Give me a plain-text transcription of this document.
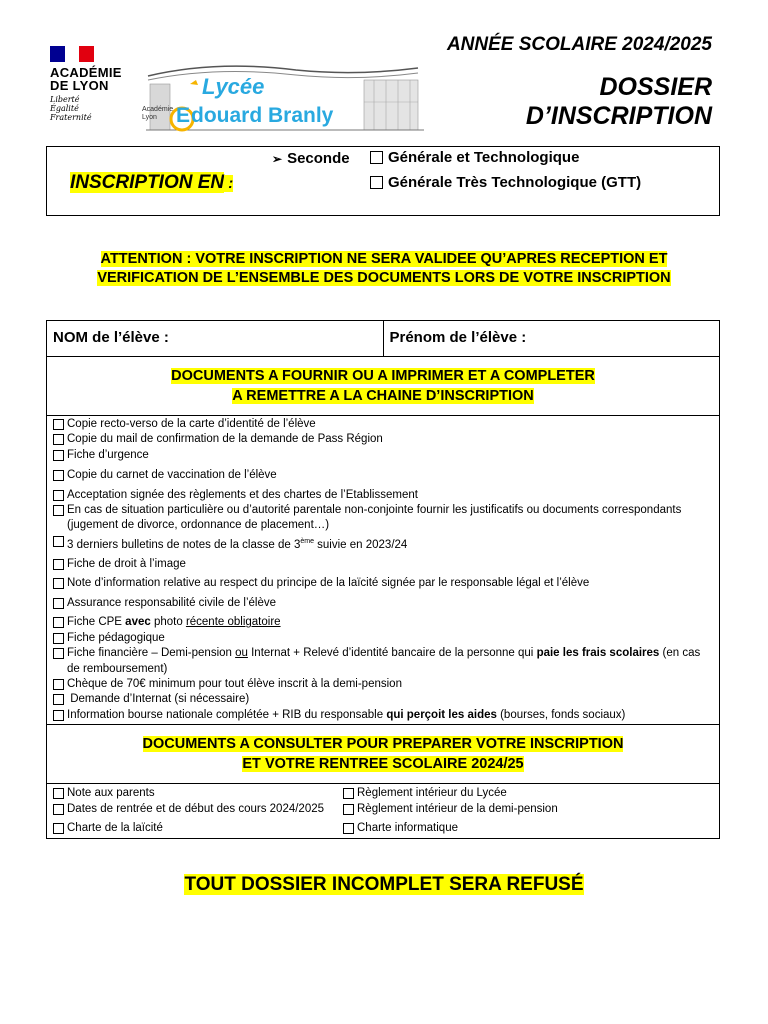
ACADÉMIE
DE LYON
Liberté
Égalité
Fraternité
Académie Lyon
Lycée
E douard Branly
ANNÉE SCOLAIRE 2024/2025
DOSSIER
D’INSCRIPTION
INSCRIPTION EN :
➢ Seconde	Générale et Technologique
Générale Très Technologique (GTT)
ATTENTION : VOTRE INSCRIPTION NE SERA VALIDEE QU’APRES RECEPTION ET
VERIFICATION DE L’ENSEMBLE DES DOCUMENTS LORS DE VOTRE INSCRIPTION
NOM de l’élève :	Prénom de l’élève :
DOCUMENTS A FOURNIR OU A IMPRIMER ET A COMPLETER
A REMETTRE A LA CHAINE D’INSCRIPTION
Copie recto-verso de la carte d’identité de l’élève
Copie du mail de confirmation de la demande de Pass Région
Fiche d’urgence
Copie du carnet de vaccination de l’élève
Acceptation signée des règlements et des chartes de l’Etablissement
En cas de situation particulière ou d’autorité parentale non-conjointe fournir les justificatifs ou documents correspondants (jugement de divorce, ordonnance de placement…)
3 derniers bulletins de notes de la classe de 3ème suivie en 2023/24
Fiche de droit à l’image
Note d’information relative au respect du principe de la laïcité signée par le responsable légal et l’élève
Assurance responsabilité civile de l’élève
Fiche CPE avec photo récente obligatoire
Fiche pédagogique
Fiche financière – Demi-pension ou Internat + Relevé d’identité bancaire de la personne qui paie les frais scolaires (en cas de remboursement)
Chèque de 70€ minimum pour tout élève inscrit à la demi-pension
Demande d’Internat (si nécessaire)
Information bourse nationale complétée + RIB du responsable qui perçoit les aides (bourses, fonds sociaux)
DOCUMENTS A CONSULTER POUR PREPARER VOTRE INSCRIPTION
ET VOTRE RENTREE SCOLAIRE 2024/25
Note aux parents	Règlement intérieur du Lycée
Dates de rentrée et de début des cours 2024/2025	Règlement intérieur de la demi-pension
Charte de la laïcité	Charte informatique
TOUT DOSSIER INCOMPLET SERA REFUSÉ
